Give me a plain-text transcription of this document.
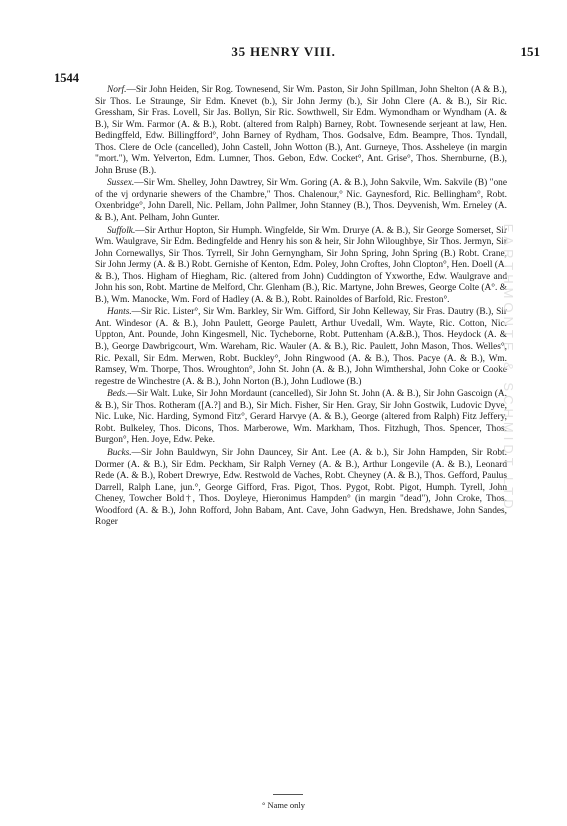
35 HENRY VIII.	151
1544

Norf.—Sir John Heiden, Sir Rog. Townesend, Sir Wm. Paston, Sir John Spillman, John Shelton (A & B.), Sir Thos. Le Straunge, Sir Edm. Knevet (b.), Sir John Jermy (b.), Sir John Clere (A. & B.), Sir Ric. Gressham, Sir Fras. Lovell, Sir Jas. Bollyn, Sir Ric. Sowthwell, Sir Edm. Wymondham or Wyndham (A. & B.), Sir Wm. Farmor (A. & B.), Robt. (altered from Ralph) Barney, Robt. Townesende serjeant at law, Hen. Bedingffeld, Edw. Billingfford°, John Barney of Rydham, Thos. Godsalve, Edm. Beampre, Thos. Tyndall, Thos. Clere de Ocle (cancelled), John Castell, John Wotton (B.), Ant. Gurneye, Thos. Assheleye (in margin "mort."), Wm. Yelverton, Edm. Lumner, Thos. Gebon, Edw. Cocket°, Ant. Grise°, Thos. Shernburne, (B.), John Bruse (B.).

Sussex.—Sir Wm. Shelley, John Dawtrey, Sir Wm. Goring (A. & B.), John Sakvile, Wm. Sakvile (B) "one of the vj ordynarie shewers of the Chambre," Thos. Chalenour,° Nic. Gaynesford, Ric. Bellingham°, Robt. Oxenbridge°, John Darell, Nic. Pellam, John Pallmer, John Stanney (B.), Thos. Deyvenish, Wm. Erneley (A. & B.), Ant. Pelham, John Gunter.

Suffolk.—Sir Arthur Hopton, Sir Humph. Wingfelde, Sir Wm. Drurye (A. & B.), Sir George Somerset, Sir Wm. Waulgrave, Sir Edm. Bedingfelde and Henry his son & heir, Sir John Wiloughbye, Sir Thos. Jermyn, Sir John Cornewallys, Sir Thos. Tyrrell, Sir John Gernyngham, Sir John Spring, John Spring (B.) Robt. Crane, Sir John Jermy (A. & B.) Robt. Gernishe of Kenton, Edm. Poley, John Croftes, John Clopton°, Hen. Doell (A. & B.), Thos. Higham of Hiegham, Ric. (altered from John) Cuddington of Yxworthe, Edw. Waulgrave and John his son, Robt. Martine de Melford, Chr. Glenham (B.), Ric. Martyne, John Brewes, George Colte (A°. & B.), Wm. Manocke, Wm. Ford of Hadley (A. & B.), Robt. Rainoldes of Barfold, Ric. Freston°.

Hants.—Sir Ric. Lister°, Sir Wm. Barkley, Sir Wm. Gifford, Sir John Kelleway, Sir Fras. Dautry (B.), Sir Ant. Windesor (A. & B.), John Paulett, George Paulett, Arthur Uvedall, Wm. Wayte, Ric. Cotton, Nic. Uppton, Ant. Pounde, John Kingesmell, Nic. Tycheborne, Robt. Puttenham (A.&B.), Thos. Heydock (A. & B.), George Dawbrigcourt, Wm. Wareham, Ric. Wauler (A. & B.), Ric. Paulett, John Mason, Thos. Welles°, Ric. Pexall, Sir Edm. Merwen, Robt. Buckley°, John Ringwood (A. & B.), Thos. Pacye (A. & B.), Wm. Ramsey, Wm. Thorpe, Thos. Wroughton°, John St. John (A. & B.), John Wimthershal, John Coke or Cooke regestre de Winchestre (A. & B.), John Norton (B.), John Ludlowe (B.)

Beds.—Sir Walt. Luke, Sir John Mordaunt (cancelled), Sir John St. John (A. & B.), Sir John Gascoign (A. & B.), Sir Thos. Rotheram ([A.?] and B.), Sir Mich. Fisher, Sir Hen. Gray, Sir John Gostwik, Ludovic Dyve, Nic. Luke, Nic. Harding, Symond Fitz°, Gerard Harvye (A. & B.), George (altered from Ralph) Fitz Jeffery, Robt. Bulkeley, Thos. Dicons, Thos. Marberowe, Wm. Markham, Thos. Fitzhugh, Thos. Spencer, Thos. Burgon°, Hen. Joye, Edw. Peke.

Bucks.—Sir John Bauldwyn, Sir John Dauncey, Sir Ant. Lee (A. & b.), Sir John Hampden, Sir Robt. Dormer (A. & B.), Sir Edm. Peckham, Sir Ralph Verney (A. & B.), Arthur Longevile (A. & B.), Leonard Rede (A. & B.), Robert Drewrye, Edw. Restwold de Vaches, Robt. Cheyney (A. & B.), Thos. Gefford, Paulus Darrell, Ralph Lane, jun.°, George Gifford, Fras. Pigot, Thos. Pygot, Robt. Pigot, Humph. Tyrell, John Cheney, Towcher Bold†, Thos. Doyleye, Hieronimus Hampden° (in margin "dead"), John Croke, Thos. Woodford (A. & B.), John Rofford, John Babam, Ant. Cave, John Gadwyn, Hen. Bredshawe, John Sandes, Roger

EARTHMONTE & SCHMIDT LTD.
° Name only
